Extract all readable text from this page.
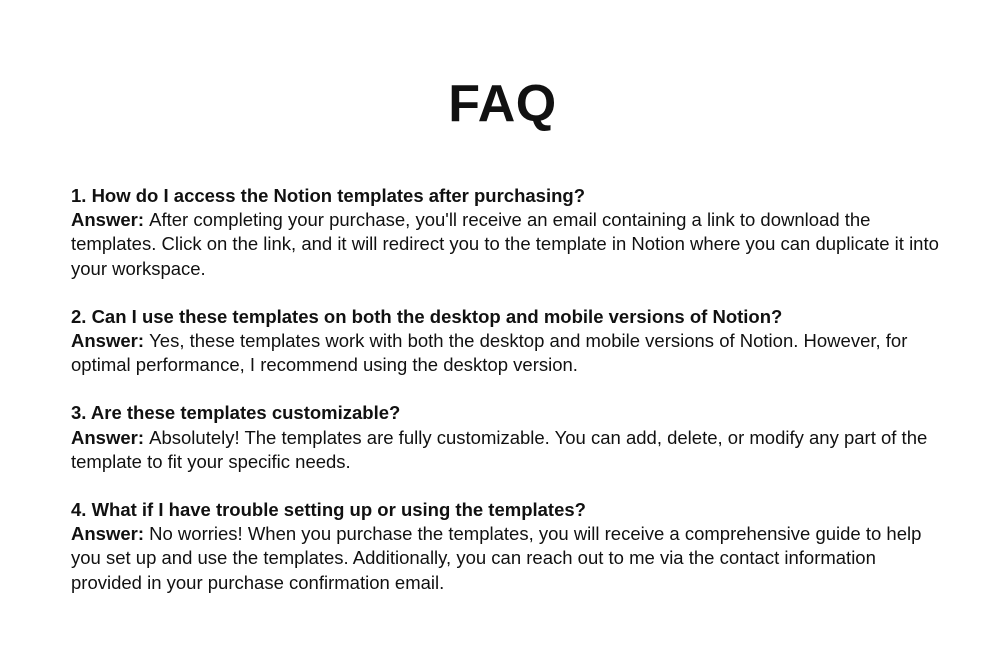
FAQ
1. How do I access the Notion templates after purchasing?
Answer: After completing your purchase, you'll receive an email containing a link to download the templates. Click on the link, and it will redirect you to the template in Notion where you can duplicate it into your workspace.
2. Can I use these templates on both the desktop and mobile versions of Notion?
Answer: Yes, these templates work with both the desktop and mobile versions of Notion. However, for optimal performance, I recommend using the desktop version.
3. Are these templates customizable?
Answer: Absolutely! The templates are fully customizable. You can add, delete, or modify any part of the template to fit your specific needs.
4. What if I have trouble setting up or using the templates?
Answer: No worries! When you purchase the templates, you will receive a comprehensive guide to help you set up and use the templates. Additionally, you can reach out to me via the contact information provided in your purchase confirmation email.
